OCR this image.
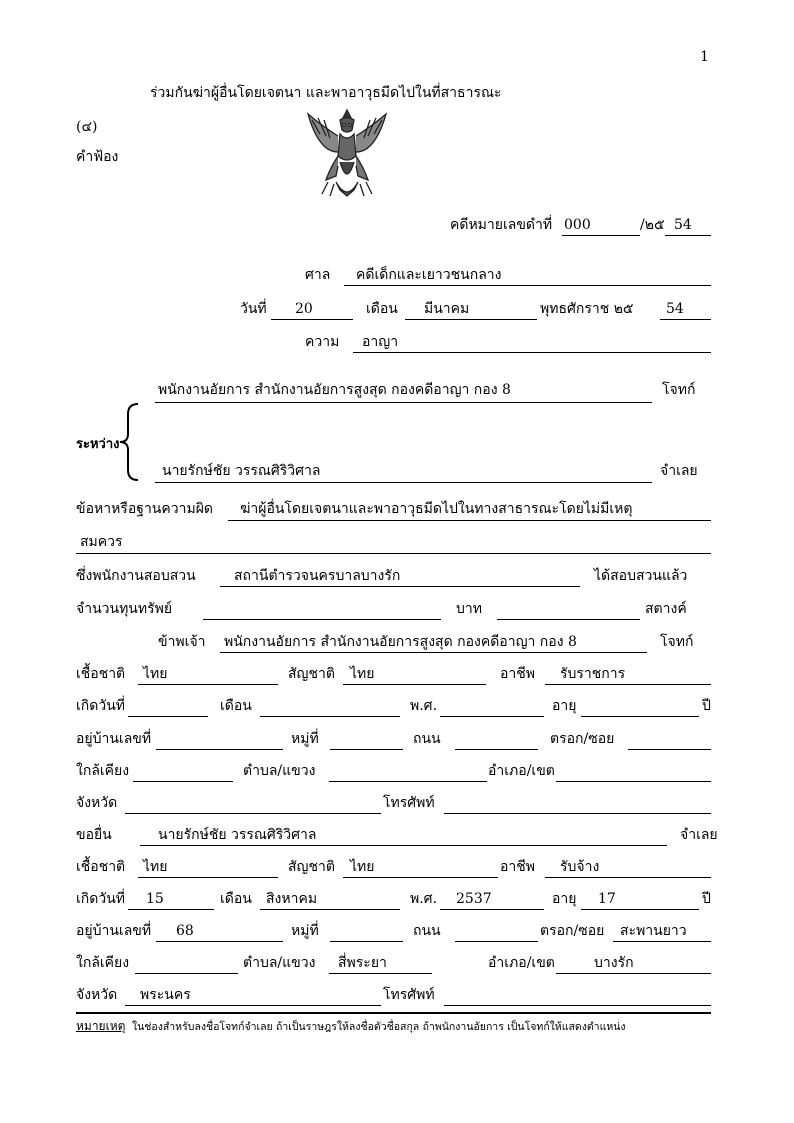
1
ร่วมกันฆ่าผู้อื่นโดยเจตนา และพาอาวุธมีดไปในที่สาธารณะ
(๔)
คำฟ้อง
คดีหมายเลขดำที่ 000	/๒๕ 54
ศาล คดีเด็กและเยาวชนกลาง
วันที่ 20	เดือน มีนาคม	พุทธศักราช ๒๕ 54
ความ อาญา
พนักงานอัยการ สำนักงานอัยการสูงสุด กองคดีอาญา กอง 8	โจทก์
ระหว่าง
นายรักษ์ชัย วรรณศิริวิศาล	จำเลย
ข้อหาหรือฐานความผิด ฆ่าผู้อื่นโดยเจตนาและพาอาวุธมีดไปในทางสาธารณะโดยไม่มีเหตุ
สมควร
ซึ่งพนักงานสอบสวน	สถานีตำรวจนครบาลบางรัก	ได้สอบสวนแล้ว
จำนวนทุนทรัพย์	บาท	สตางค์
ข้าพเจ้า พนักงานอัยการ สำนักงานอัยการสูงสุด กองคดีอาญา กอง 8	โจทก์
เชื้อชาติ ไทย	สัญชาติ ไทย	อาชีพ รับราชการ
เกิดวันที่	เดือน	พ.ศ.	อายุ	ปี
อยู่บ้านเลขที่	หมู่ที่	ถนน	ตรอก/ซอย
ใกล้เคียง	ตำบล/แขวง	อำเภอ/เขต
จังหวัด	โทรศัพท์
ขอยื่น	นายรักษ์ชัย วรรณศิริวิศาล	จำเลย
เชื้อชาติ ไทย	สัญชาติ ไทย	อาชีพ รับจ้าง
เกิดวันที่ 15	เดือน สิงหาคม	พ.ศ. 2537	อายุ 17	ปี
อยู่บ้านเลขที่ 68	หมู่ที่	ถนน	ตรอก/ซอย สะพานยาว
ใกล้เคียง	ตำบล/แขวง สี่พระยา	อำเภอ/เขต	บางรัก
จังหวัด พระนคร	โทรศัพท์
หมายเหตุ ในช่องสำหรับลงชื่อโจทก์จำเลย ถ้าเป็นราษฎรให้ลงชื่อตัวชื่อสกุล ถ้าพนักงานอัยการ เป็นโจทก์ให้แสดงตำแหน่ง
